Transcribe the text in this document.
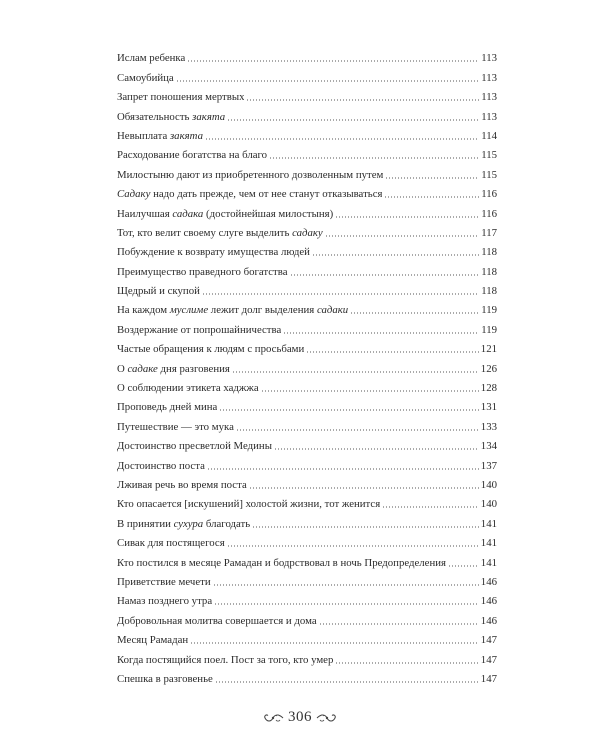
Ислам ребенка	113
Самоубийца	113
Запрет поношения мертвых	113
Обязательность закята	113
Невыплата закята	114
Расходование богатства на благо	115
Милостыню дают из приобретенного дозволенным путем	115
Садаку надо дать прежде, чем от нее станут отказываться	116
Наилучшая садака (достойнейшая милостыня)	116
Тот, кто велит своему слуге выделить садаку	117
Побуждение к возврату имущества людей	118
Преимущество праведного богатства	118
Щедрый и скупой	118
На каждом муслиме лежит долг выделения садаки	119
Воздержание от попрошайничества	119
Частые обращения к людям с просьбами	121
О садаке дня разговения	126
О соблюдении этикета хаджжа	128
Проповедь дней мина	131
Путешествие — это мука	133
Достоинство пресветлой Медины	134
Достоинство поста	137
Лживая речь во время поста	140
Кто опасается [искушений] холостой жизни, тот женится	140
В принятии сухура благодать	141
Сивак для постящегося	141
Кто постился в месяце Рамадан и бодрствовал в ночь Предопределения	141
Приветствие мечети	146
Намаз позднего утра	146
Добровольная молитва совершается и дома	146
Месяц Рамадан	147
Когда постящийся поел. Пост за того, кто умер	147
Спешка в разговенье	147
306
